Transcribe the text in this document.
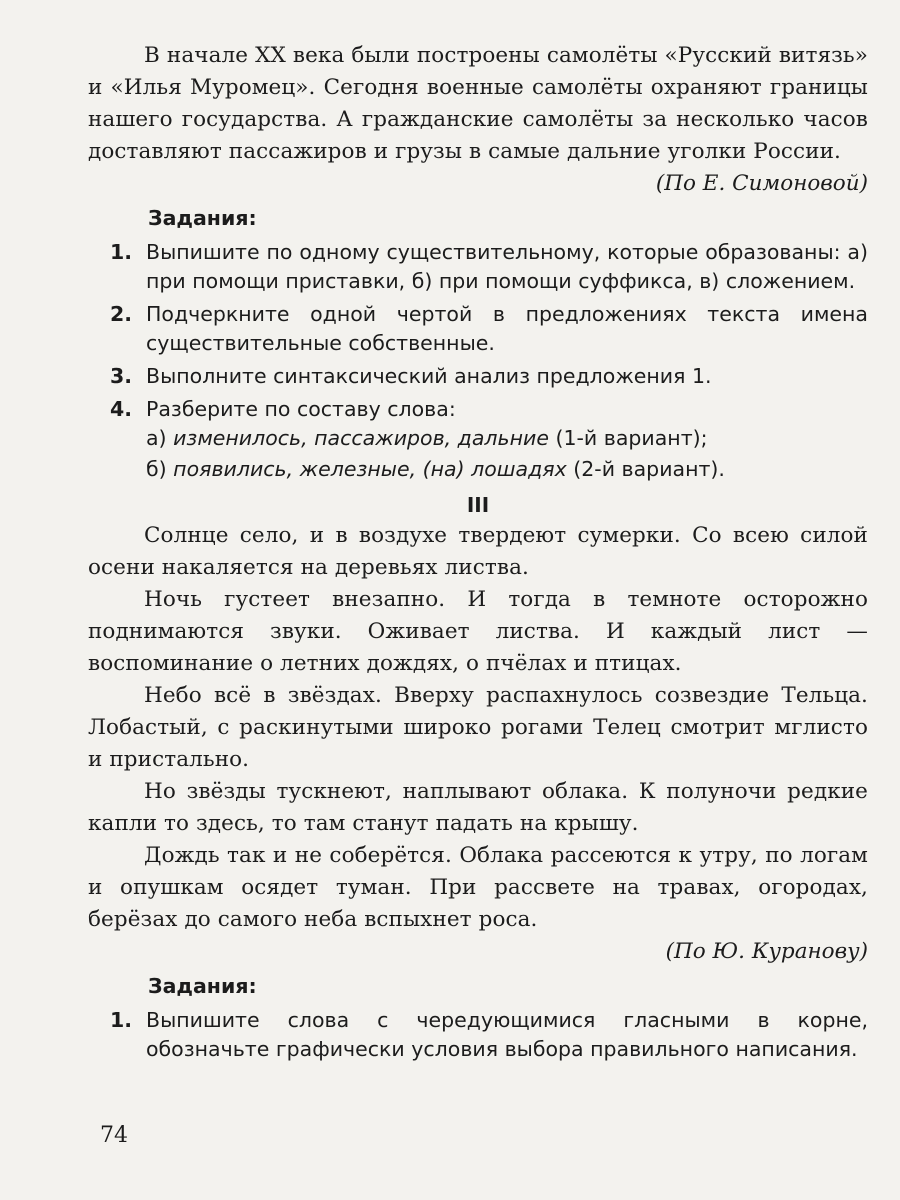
В начале XX века были построены самолёты «Русский витязь» и «Илья Муромец». Сегодня военные самолёты охраняют границы нашего государства. А гражданские самолёты за несколько часов доставляют пассажиров и грузы в самые дальние уголки России.

(По Е. Симоновой)

Задания:
1. Выпишите по одному существительному, которые образованы: а) при помощи приставки, б) при помощи суффикса, в) сложением.
2. Подчеркните одной чертой в предложениях текста имена существительные собственные.
3. Выполните синтаксический анализ предложения 1.
4. Разберите по составу слова:
а) изменилось, пассажиров, дальние (1-й вариант);
б) появились, железные, (на) лошадях (2-й вариант).
III

Солнце село, и в воздухе твердеют сумерки. Со всею силой осени накаляется на деревьях листва.

Ночь густеет внезапно. И тогда в темноте осторожно поднимаются звуки. Оживает листва. И каждый лист — воспоминание о летних дождях, о пчёлах и птицах.

Небо всё в звёздах. Вверху распахнулось созвездие Тельца. Лобастый, с раскинутыми широко рогами Телец смотрит мглисто и пристально.

Но звёзды тускнеют, наплывают облака. К полуночи редкие капли то здесь, то там станут падать на крышу.

Дождь так и не соберётся. Облака рассеются к утру, по логам и опушкам осядет туман. При рассвете на травах, огородах, берёзах до самого неба вспыхнет роса.

(По Ю. Куранову)

Задания:
1. Выпишите слова с чередующимися гласными в корне, обозначьте графически условия выбора правильного написания.
74
